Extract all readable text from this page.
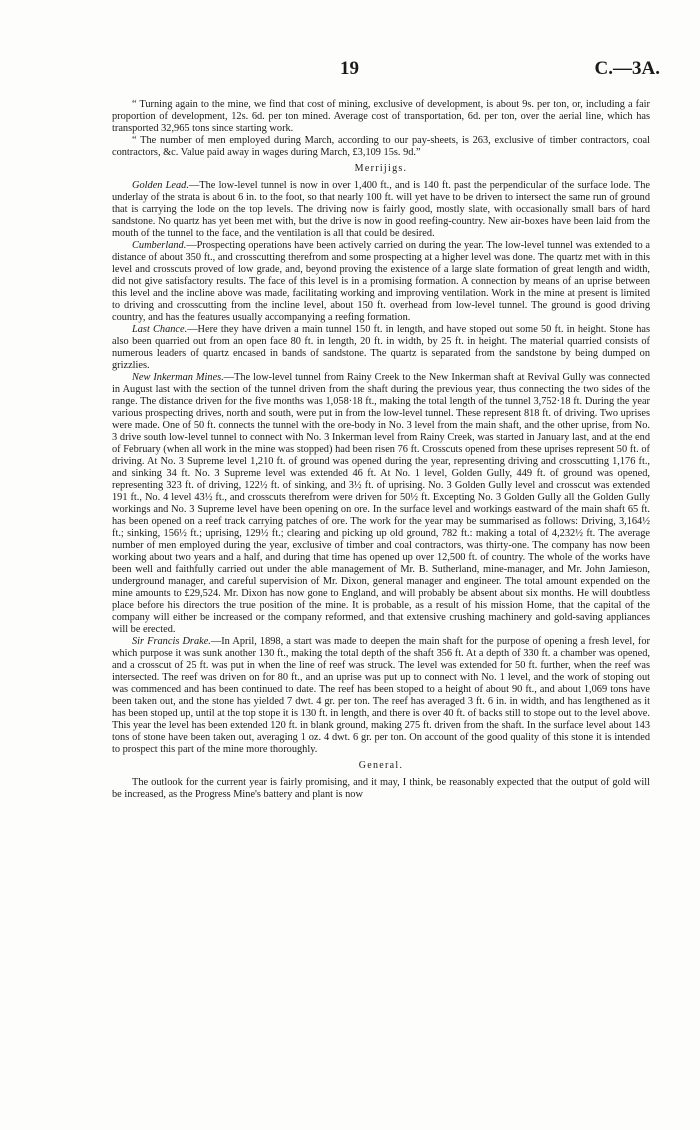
19	C.—3A.

“ Turning again to the mine, we find that cost of mining, exclusive of development, is about 9s. per ton, or, including a fair proportion of development, 12s. 6d. per ton mined. Average cost of transportation, 6d. per ton, over the aerial line, which has transported 32,965 tons since starting work.

“ The number of men employed during March, according to our pay-sheets, is 263, exclusive of timber contractors, coal contractors, &c. Value paid away in wages during March, £3,109 15s. 9d.”

Merrijigs.

Golden Lead.—The low-level tunnel is now in over 1,400 ft., and is 140 ft. past the perpendicular of the surface lode. The underlay of the strata is about 6 in. to the foot, so that nearly 100 ft. will yet have to be driven to intersect the same run of ground that is carrying the lode on the top levels. The driving now is fairly good, mostly slate, with occasionally small bars of hard sandstone. No quartz has yet been met with, but the drive is now in good reefing-country. New air-boxes have been laid from the mouth of the tunnel to the face, and the ventilation is all that could be desired.

Cumberland.—Prospecting operations have been actively carried on during the year. The low-level tunnel was extended to a distance of about 350 ft., and crosscutting therefrom and some prospecting at a higher level was done. The quartz met with in this level and crosscuts proved of low grade, and, beyond proving the existence of a large slate formation of great length and width, did not give satisfactory results. The face of this level is in a promising formation. A connection by means of an uprise between this level and the incline above was made, facilitating working and improving ventilation. Work in the mine at present is limited to driving and crosscutting from the incline level, about 150 ft. overhead from low-level tunnel. The ground is good driving country, and has the features usually accompanying a reefing formation.

Last Chance.—Here they have driven a main tunnel 150 ft. in length, and have stoped out some 50 ft. in height. Stone has also been quarried out from an open face 80 ft. in length, 20 ft. in width, by 25 ft. in height. The material quarried consists of numerous leaders of quartz encased in bands of sandstone. The quartz is separated from the sandstone by being dumped on grizzlies.

New Inkerman Mines.—The low-level tunnel from Rainy Creek to the New Inkerman shaft at Revival Gully was connected in August last with the section of the tunnel driven from the shaft during the previous year, thus connecting the two sides of the range. The distance driven for the five months was 1,058·18 ft., making the total length of the tunnel 3,752·18 ft. During the year various prospecting drives, north and south, were put in from the low-level tunnel. These represent 818 ft. of driving. Two uprises were made. One of 50 ft. connects the tunnel with the ore-body in No. 3 level from the main shaft, and the other uprise, from No. 3 drive south low-level tunnel to connect with No. 3 Inkerman level from Rainy Creek, was started in January last, and at the end of February (when all work in the mine was stopped) had been risen 76 ft. Crosscuts opened from these uprises represent 50 ft. of driving. At No. 3 Supreme level 1,210 ft. of ground was opened during the year, representing driving and crosscutting 1,176 ft., and sinking 34 ft. No. 3 Supreme level was extended 46 ft. At No. 1 level, Golden Gully, 449 ft. of ground was opened, representing 323 ft. of driving, 122½ ft. of sinking, and 3½ ft. of uprising. No. 3 Golden Gully level and crosscut was extended 191 ft., No. 4 level 43½ ft., and crosscuts therefrom were driven for 50½ ft. Excepting No. 3 Golden Gully all the Golden Gully workings and No. 3 Supreme level have been opening on ore. In the surface level and workings eastward of the main shaft 65 ft. has been opened on a reef track carrying patches of ore. The work for the year may be summarised as follows: Driving, 3,164½ ft.; sinking, 156½ ft.; uprising, 129½ ft.; clearing and picking up old ground, 782 ft.: making a total of 4,232½ ft. The average number of men employed during the year, exclusive of timber and coal contractors, was thirty-one. The company has now been working about two years and a half, and during that time has opened up over 12,500 ft. of country. The whole of the works have been well and faithfully carried out under the able management of Mr. B. Sutherland, mine-manager, and Mr. John Jamieson, underground manager, and careful supervision of Mr. Dixon, general manager and engineer. The total amount expended on the mine amounts to £29,524. Mr. Dixon has now gone to England, and will probably be absent about six months. He will doubtless place before his directors the true position of the mine. It is probable, as a result of his mission Home, that the capital of the company will either be increased or the company reformed, and that extensive crushing machinery and gold-saving appliances will be erected.

Sir Francis Drake.—In April, 1898, a start was made to deepen the main shaft for the purpose of opening a fresh level, for which purpose it was sunk another 130 ft., making the total depth of the shaft 356 ft. At a depth of 330 ft. a chamber was opened, and a crosscut of 25 ft. was put in when the line of reef was struck. The level was extended for 50 ft. further, when the reef was intersected. The reef was driven on for 80 ft., and an uprise was put up to connect with No. 1 level, and the work of stoping out was commenced and has been continued to date. The reef has been stoped to a height of about 90 ft., and about 1,069 tons have been taken out, and the stone has yielded 7 dwt. 4 gr. per ton. The reef has averaged 3 ft. 6 in. in width, and has lengthened as it has been stoped up, until at the top stope it is 130 ft. in length, and there is over 40 ft. of backs still to stope out to the level above. This year the level has been extended 120 ft. in blank ground, making 275 ft. driven from the shaft. In the surface level about 143 tons of stone have been taken out, averaging 1 oz. 4 dwt. 6 gr. per ton. On account of the good quality of this stone it is intended to prospect this part of the mine more thoroughly.

General.

The outlook for the current year is fairly promising, and it may, I think, be reasonably expected that the output of gold will be increased, as the Progress Mine's battery and plant is now
